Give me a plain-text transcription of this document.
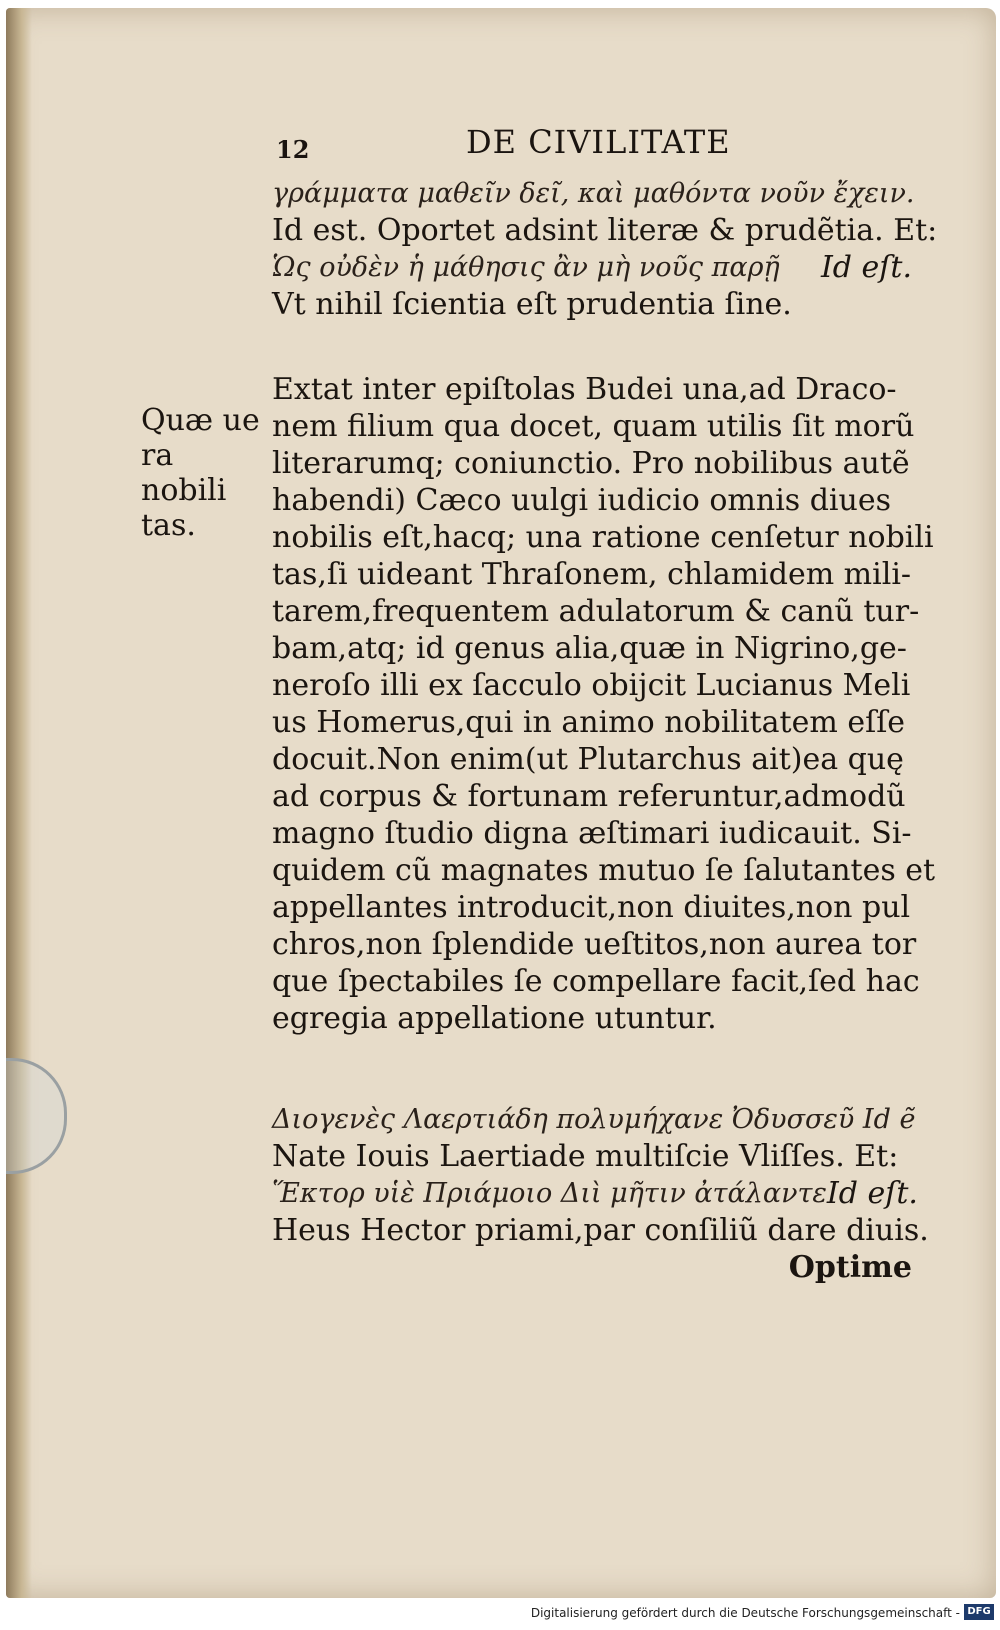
12	DE CIVILITATE
γράμματα μαθεῖν δεῖ, καὶ μαθόντα νοῦν ἔχειν.
Id est. Oportet adsint literæ & prudẽtia. Et:
Ὡς οὐδὲν ἡ μάθησις ἂν μὴ νοῦς παρῇ Id eſt.
Vt nihil ſcientia eſt prudentia ſine.
Quæ ue
ra nobili
tas.
Extat inter epiſtolas Budei una,ad Draco-
nem filium qua docet, quam utilis ſit morũ
literarumq; coniunctio. Pro nobilibus autẽ
habendi) Cæco uulgi iudicio omnis diues
nobilis eſt,hacq; una ratione cenſetur nobili
tas,ſi uideant Thraſonem, chlamidem mili-
tarem,frequentem adulatorum & canũ tur-
bam,atq; id genus alia,quæ in Nigrino,ge-
neroſo illi ex ſacculo obijcit Lucianus Meli
us Homerus,qui in animo nobilitatem eſſe
docuit.Non enim(ut Plutarchus ait)ea quę
ad corpus & fortunam referuntur,admodũ
magno ſtudio digna æſtimari iudicauit. Si-
quidem cũ magnates mutuo ſe ſalutantes et
appellantes introducit,non diuites,non pul
chros,non ſplendide ueſtitos,non aurea tor
que ſpectabiles ſe compellare facit,ſed hac
egregia appellatione utuntur.
Διογενὲς Λαερτιάδη πολυμήχανε Ὀδυσσεῦ Id ẽ
Nate Iouis Laertiade multiſcie Vliſſes. Et:
Ἕκτορ υἱὲ Πριάμοιο Διὶ μῆτιν ἀτάλαντε Id eſt.
Heus Hector priami,par conſiliũ dare diuis.
Optime
Digitalisierung gefördert durch die Deutsche Forschungsgemeinschaft - DFG
